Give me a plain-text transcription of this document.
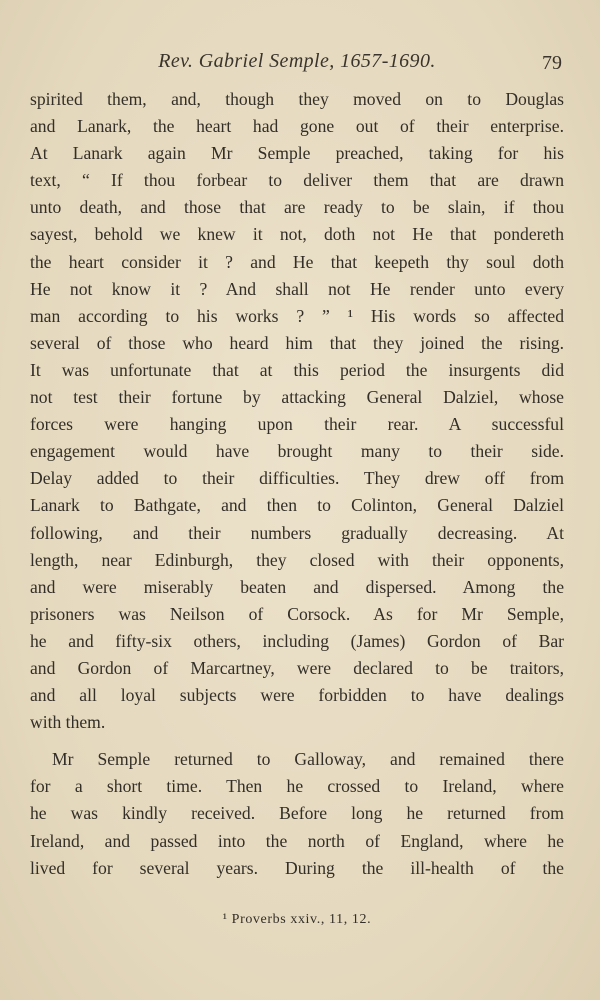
Rev. Gabriel Semple, 1657-1690.	79
spirited them, and, though they moved on to Douglas
and Lanark, the heart had gone out of their enterprise.
At Lanark again Mr Semple preached, taking for his
text, “ If thou forbear to deliver them that are drawn
unto death, and those that are ready to be slain, if thou
sayest, behold we knew it not, doth not He that pondereth
the heart consider it ? and He that keepeth thy soul doth
He not know it ? And shall not He render unto every
man according to his works ? ” ¹ His words so affected
several of those who heard him that they joined the rising.
It was unfortunate that at this period the insurgents did
not test their fortune by attacking General Dalziel, whose
forces were hanging upon their rear. A successful
engagement would have brought many to their side.
Delay added to their difficulties. They drew off from
Lanark to Bathgate, and then to Colinton, General Dalziel
following, and their numbers gradually decreasing. At
length, near Edinburgh, they closed with their opponents,
and were miserably beaten and dispersed. Among the
prisoners was Neilson of Corsock. As for Mr Semple,
he and fifty-six others, including (James) Gordon of Bar
and Gordon of Marcartney, were declared to be traitors,
and all loyal subjects were forbidden to have dealings
with them.
Mr Semple returned to Galloway, and remained there
for a short time. Then he crossed to Ireland, where
he was kindly received. Before long he returned from
Ireland, and passed into the north of England, where he
lived for several years. During the ill-health of the
¹ Proverbs xxiv., 11, 12.
